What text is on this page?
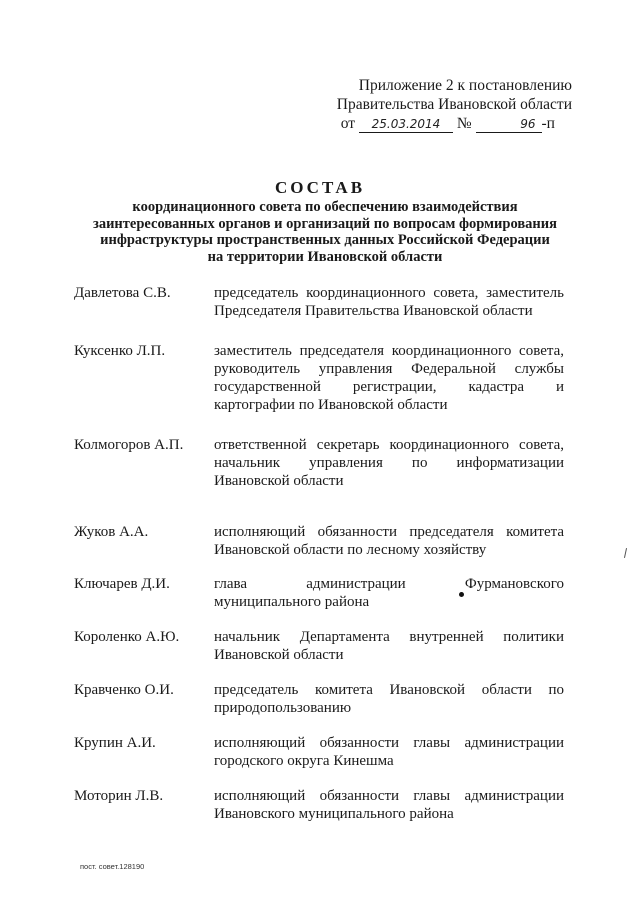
Приложение 2 к постановлению
Правительства Ивановской области
от 25.03.2014 №	96 -п
СОСТАВ
координационного совета по обеспечению взаимодействия
заинтересованных органов и организаций по вопросам формирования
инфраструктуры пространственных данных Российской Федерации
на территории Ивановской области
Давлетова С.В.	председатель координационного совета, заместитель
Председателя Правительства Ивановской области
Куксенко Л.П.	заместитель председателя координационного совета,
руководитель управления Федеральной службы
государственной регистрации, кадастра и
картографии по Ивановской области
Колмогоров А.П.	ответственной секретарь координационного совета,
начальник управления по информатизации
Ивановской области
Жуков А.А.	исполняющий обязанности председателя комитета
Ивановской области по лесному хозяйству
Ключарев Д.И.	глава администрации Фурмановского
муниципального района
Короленко А.Ю.	начальник Департамента внутренней политики
Ивановской области
Кравченко О.И.	председатель комитета Ивановской области по
природопользованию
Крупин А.И.	исполняющий обязанности главы администрации
городского округа Кинешма
Моторин Л.В.	исполняющий обязанности главы администрации
Ивановского муниципального района
пост. совет.128190
